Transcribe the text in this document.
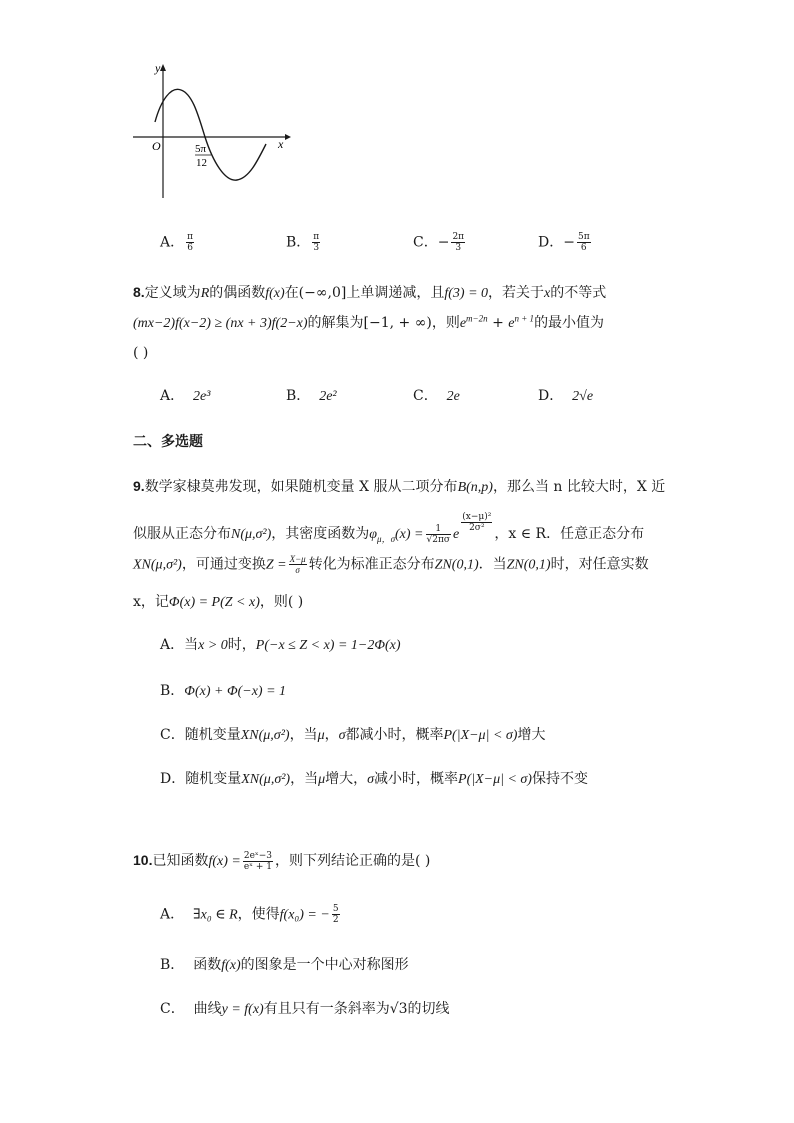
y
x
O	5π
12
A． $\frac{\pi}{6}$	B． $\frac{\pi}{3}$	C．− $\frac{2\pi}{3}$	D．− $\frac{5\pi}{6}$
8.定义域为R的偶函数f(x)在(−∞,0]上单调递减，且f(3) = 0，若关于x的不等式
(mx−2)f(x−2) ≥ (nx + 3)f(2−x)的解集为[−1, + ∞)，则$e^{m-2n} + e^{n + 1}$的最小值为
( )
A． 2e³	B． 2e²	C． 2e	D． 2√e
二、多选题
9.数学家棣莫弗发现，如果随机变量 X 服从二项分布B(n,p)，那么当 n 比较大时，X 近
似服从正态分布N(μ,σ²)，其密度函数为$\varphi_{\mu,\sigma}(x) = \frac{1}{√2\pi\sigma}$ e
$\frac{\text{(x−μ)²}}{\text{2σ²}}$
，x ∈ R．任意正态分布
XN(μ,σ²)，可通过变换$Z = \frac{X-\mu}{\sigma}$ 转化为标准正态分布ZN(0,1)．当ZN(0,1)时，对任意实数
x，记Φ(x) = P(Z < x)，则( )
A．当x > 0时，P(−x ≤ Z < x) = 1−2Φ(x)
B．Φ(x) + Φ(−x) = 1
C．随机变量XN(μ,σ²)，当μ，σ都减小时，概率P(|X−μ| < σ)增大
D．随机变量XN(μ,σ²)，当μ增大，σ减小时，概率P(|X−μ| < σ)保持不变
10.已知函数$f(x) = \frac{\text{2eˣ−3}}{\text{eˣ + 1}}$ ，则下列结论正确的是( )
A． ∃x₀ ∈ R，使得f(x₀) = − $\frac{5}{2}$
B． 函数f(x)的图象是一个中心对称图形
C． 曲线y = f(x)有且只有一条斜率为√3的切线
